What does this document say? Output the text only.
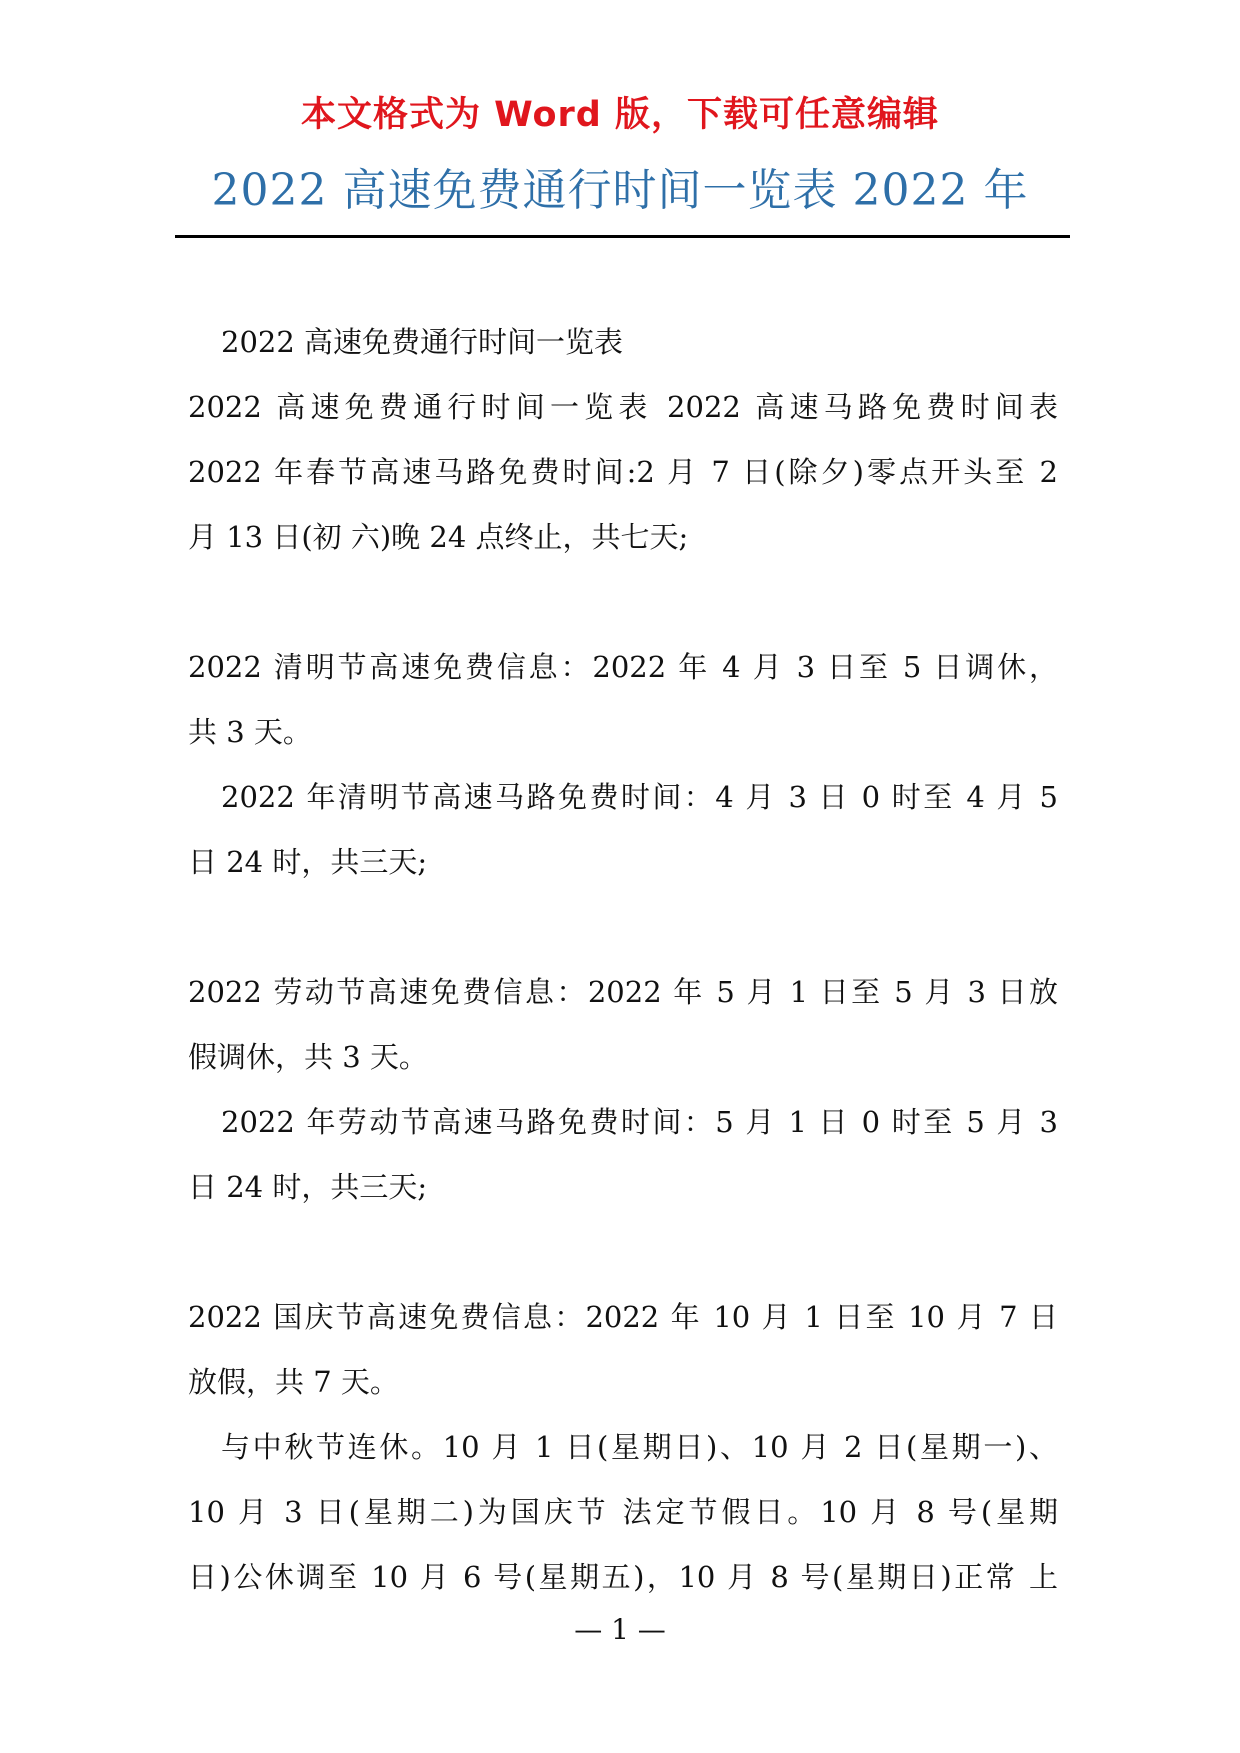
本文格式为 Word 版，下载可任意编辑
2022 高速免费通行时间一览表 2022 年
2022 高速免费通行时间一览表
2022 高速免费通行时间一览表 2022 高速马路免费时间表
2022 年春节高速马路免费时间:2 月 7 日(除夕)零点开头至 2
月 13 日(初 六)晚 24 点终止，共七天;
2022 清明节高速免费信息：2022 年 4 月 3 日至 5 日调休，
共 3 天。
2022 年清明节高速马路免费时间：4 月 3 日 0 时至 4 月 5
日 24 时，共三天;
2022 劳动节高速免费信息：2022 年 5 月 1 日至 5 月 3 日放
假调休，共 3 天。
2022 年劳动节高速马路免费时间：5 月 1 日 0 时至 5 月 3
日 24 时，共三天;
2022 国庆节高速免费信息：2022 年 10 月 1 日至 10 月 7 日
放假，共 7 天。
与中秋节连休。10 月 1 日(星期日)、10 月 2 日(星期一)、
10 月 3 日(星期二)为国庆节 法定节假日。10 月 8 号(星期
日)公休调至 10 月 6 号(星期五)，10 月 8 号(星期日)正常 上
— 1 —
